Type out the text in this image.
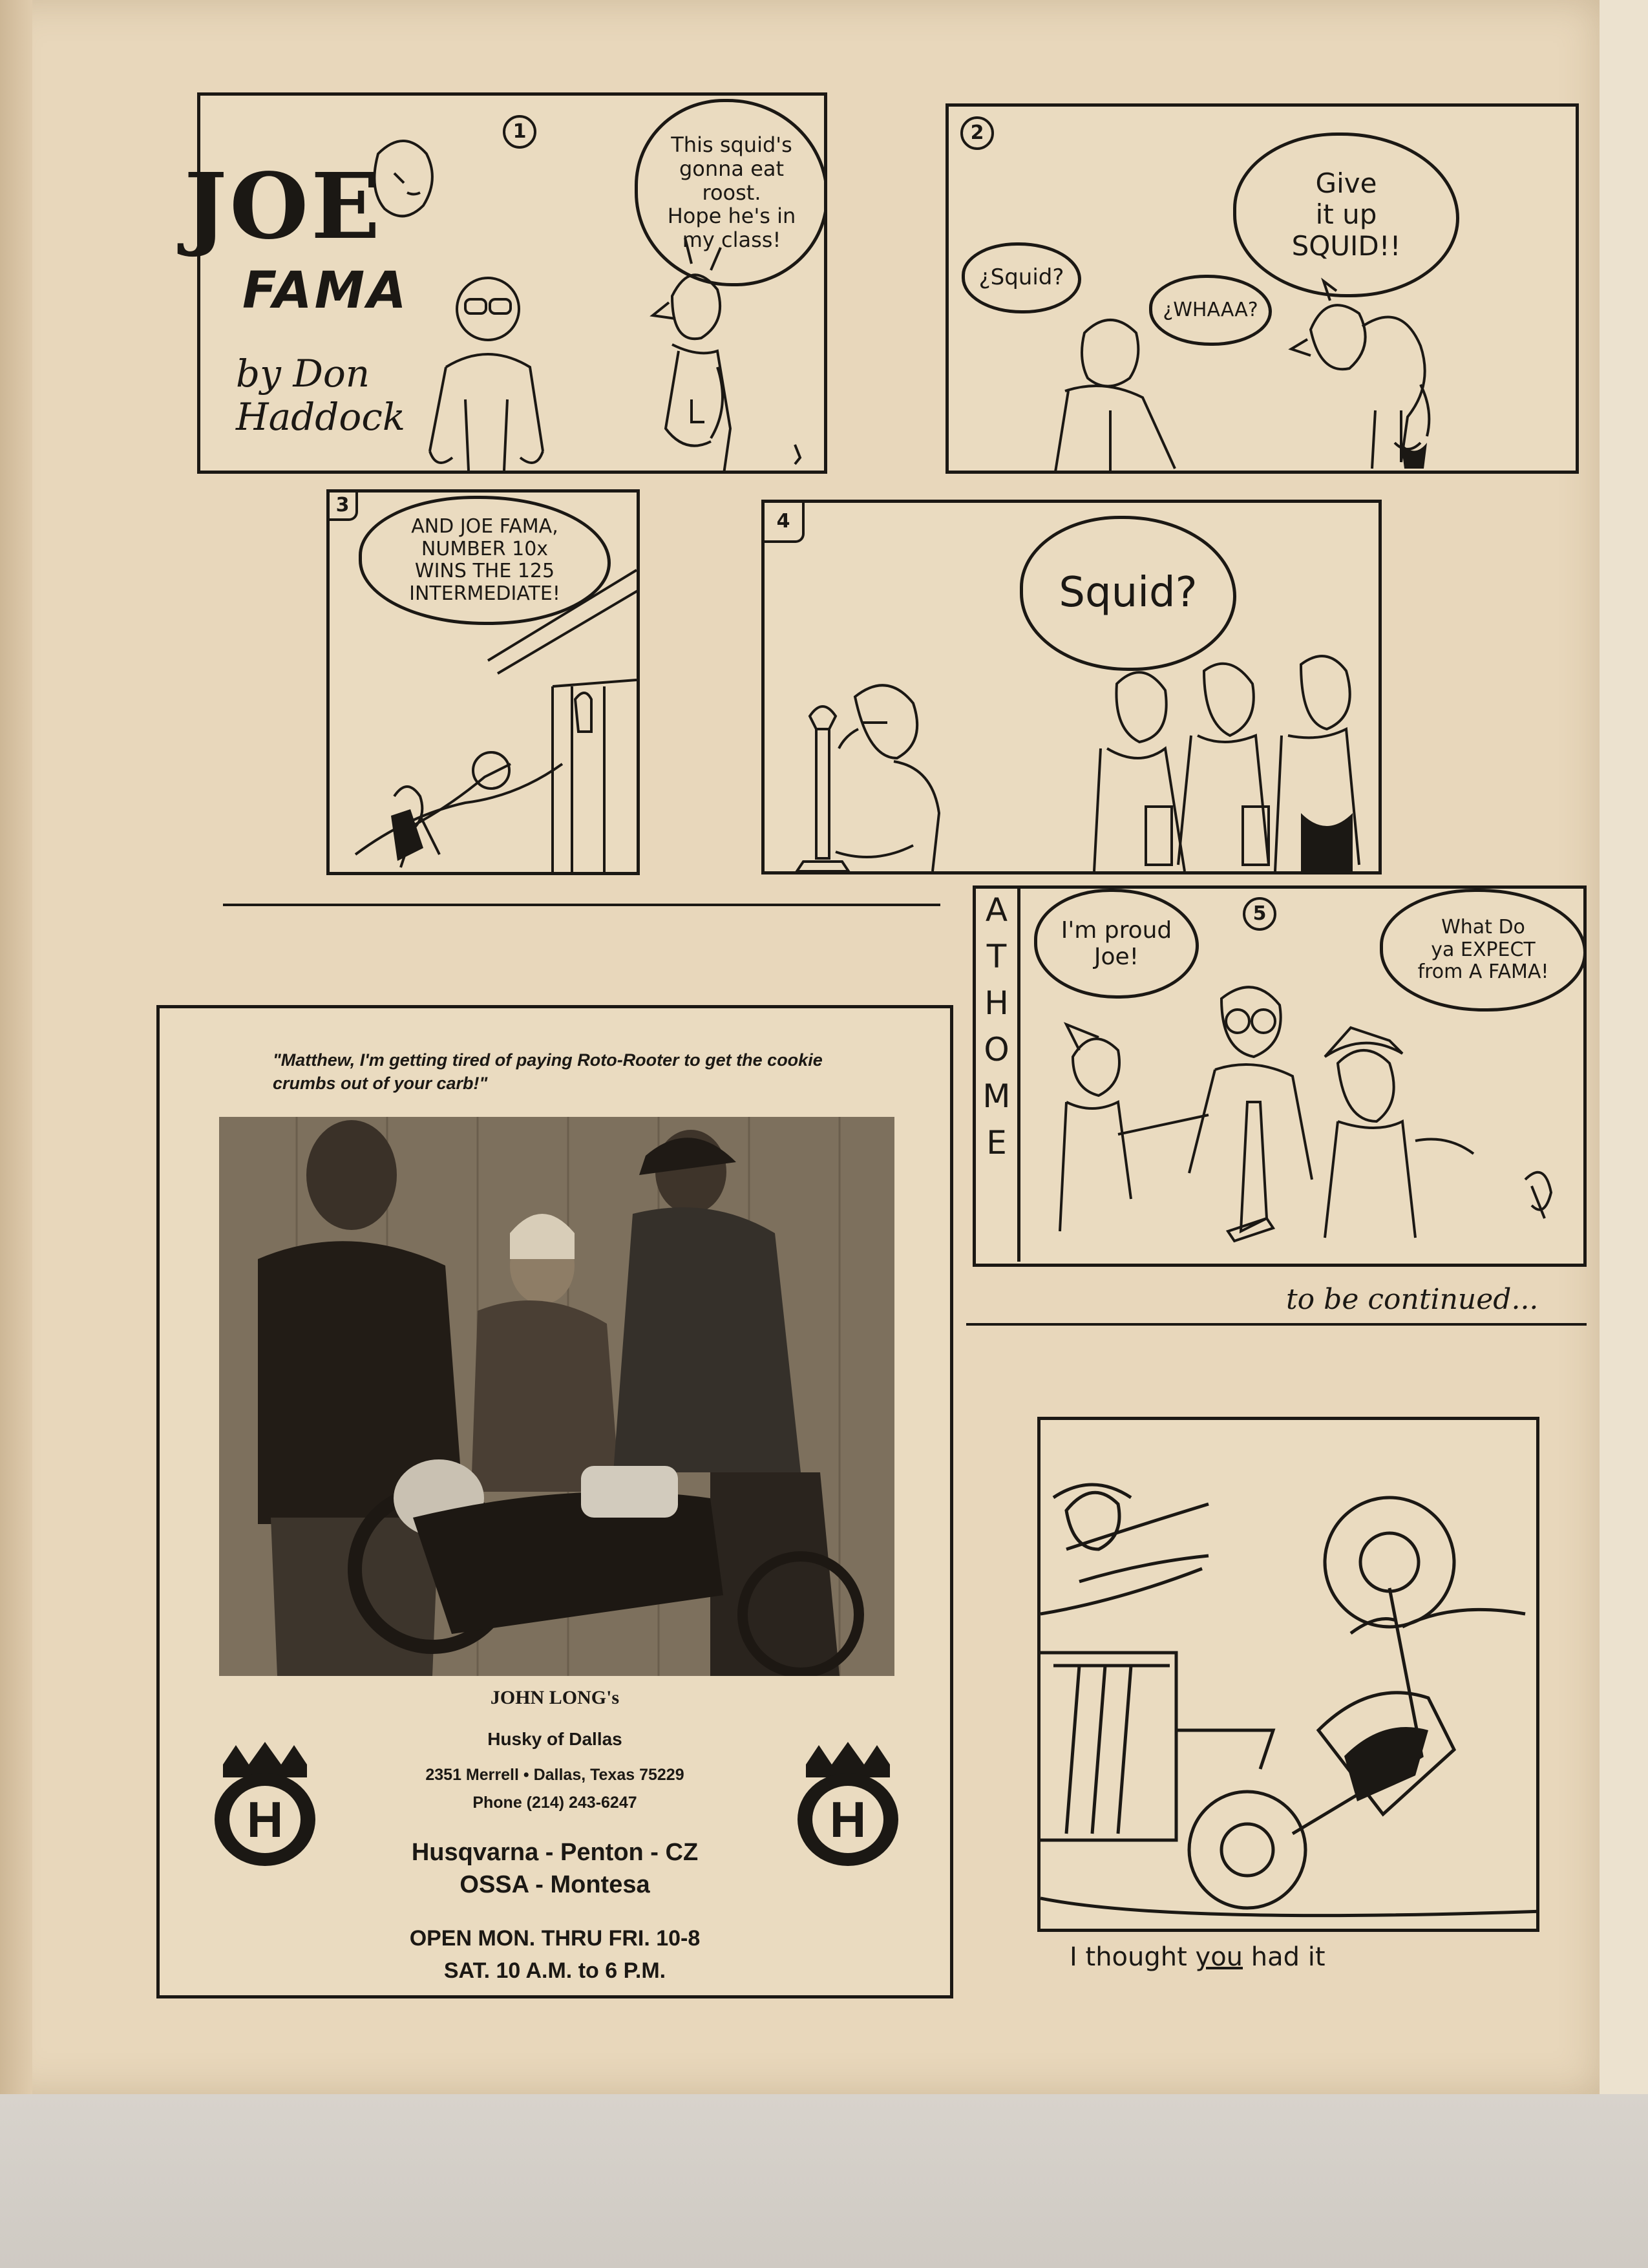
1
This squid's
gonna eat roost.
Hope he's in
my class!
JOE
FAMA
by Don
Haddock
2
¿Squid?
¿WHAAA?
Give
it up
SQUID!!
3
AND JOE FAMA,
NUMBER 10x
WINS THE 125
INTERMEDIATE!
4
Squid?
5
I'm proud
Joe!
What Do
ya EXPECT
from A FAMA!
A
T
H
O
M
E
to be continued...
I thought you had it
"Matthew, I'm getting tired of paying Roto-Rooter to get the cookie crumbs out of your carb!"
JOHN LONG's
Husky of Dallas
2351 Merrell • Dallas, Texas 75229
Phone (214) 243-6247
Husqvarna - Penton - CZ
OSSA - Montesa
OPEN MON. THRU FRI. 10-8
SAT. 10 A.M. to 6 P.M.
H	H
